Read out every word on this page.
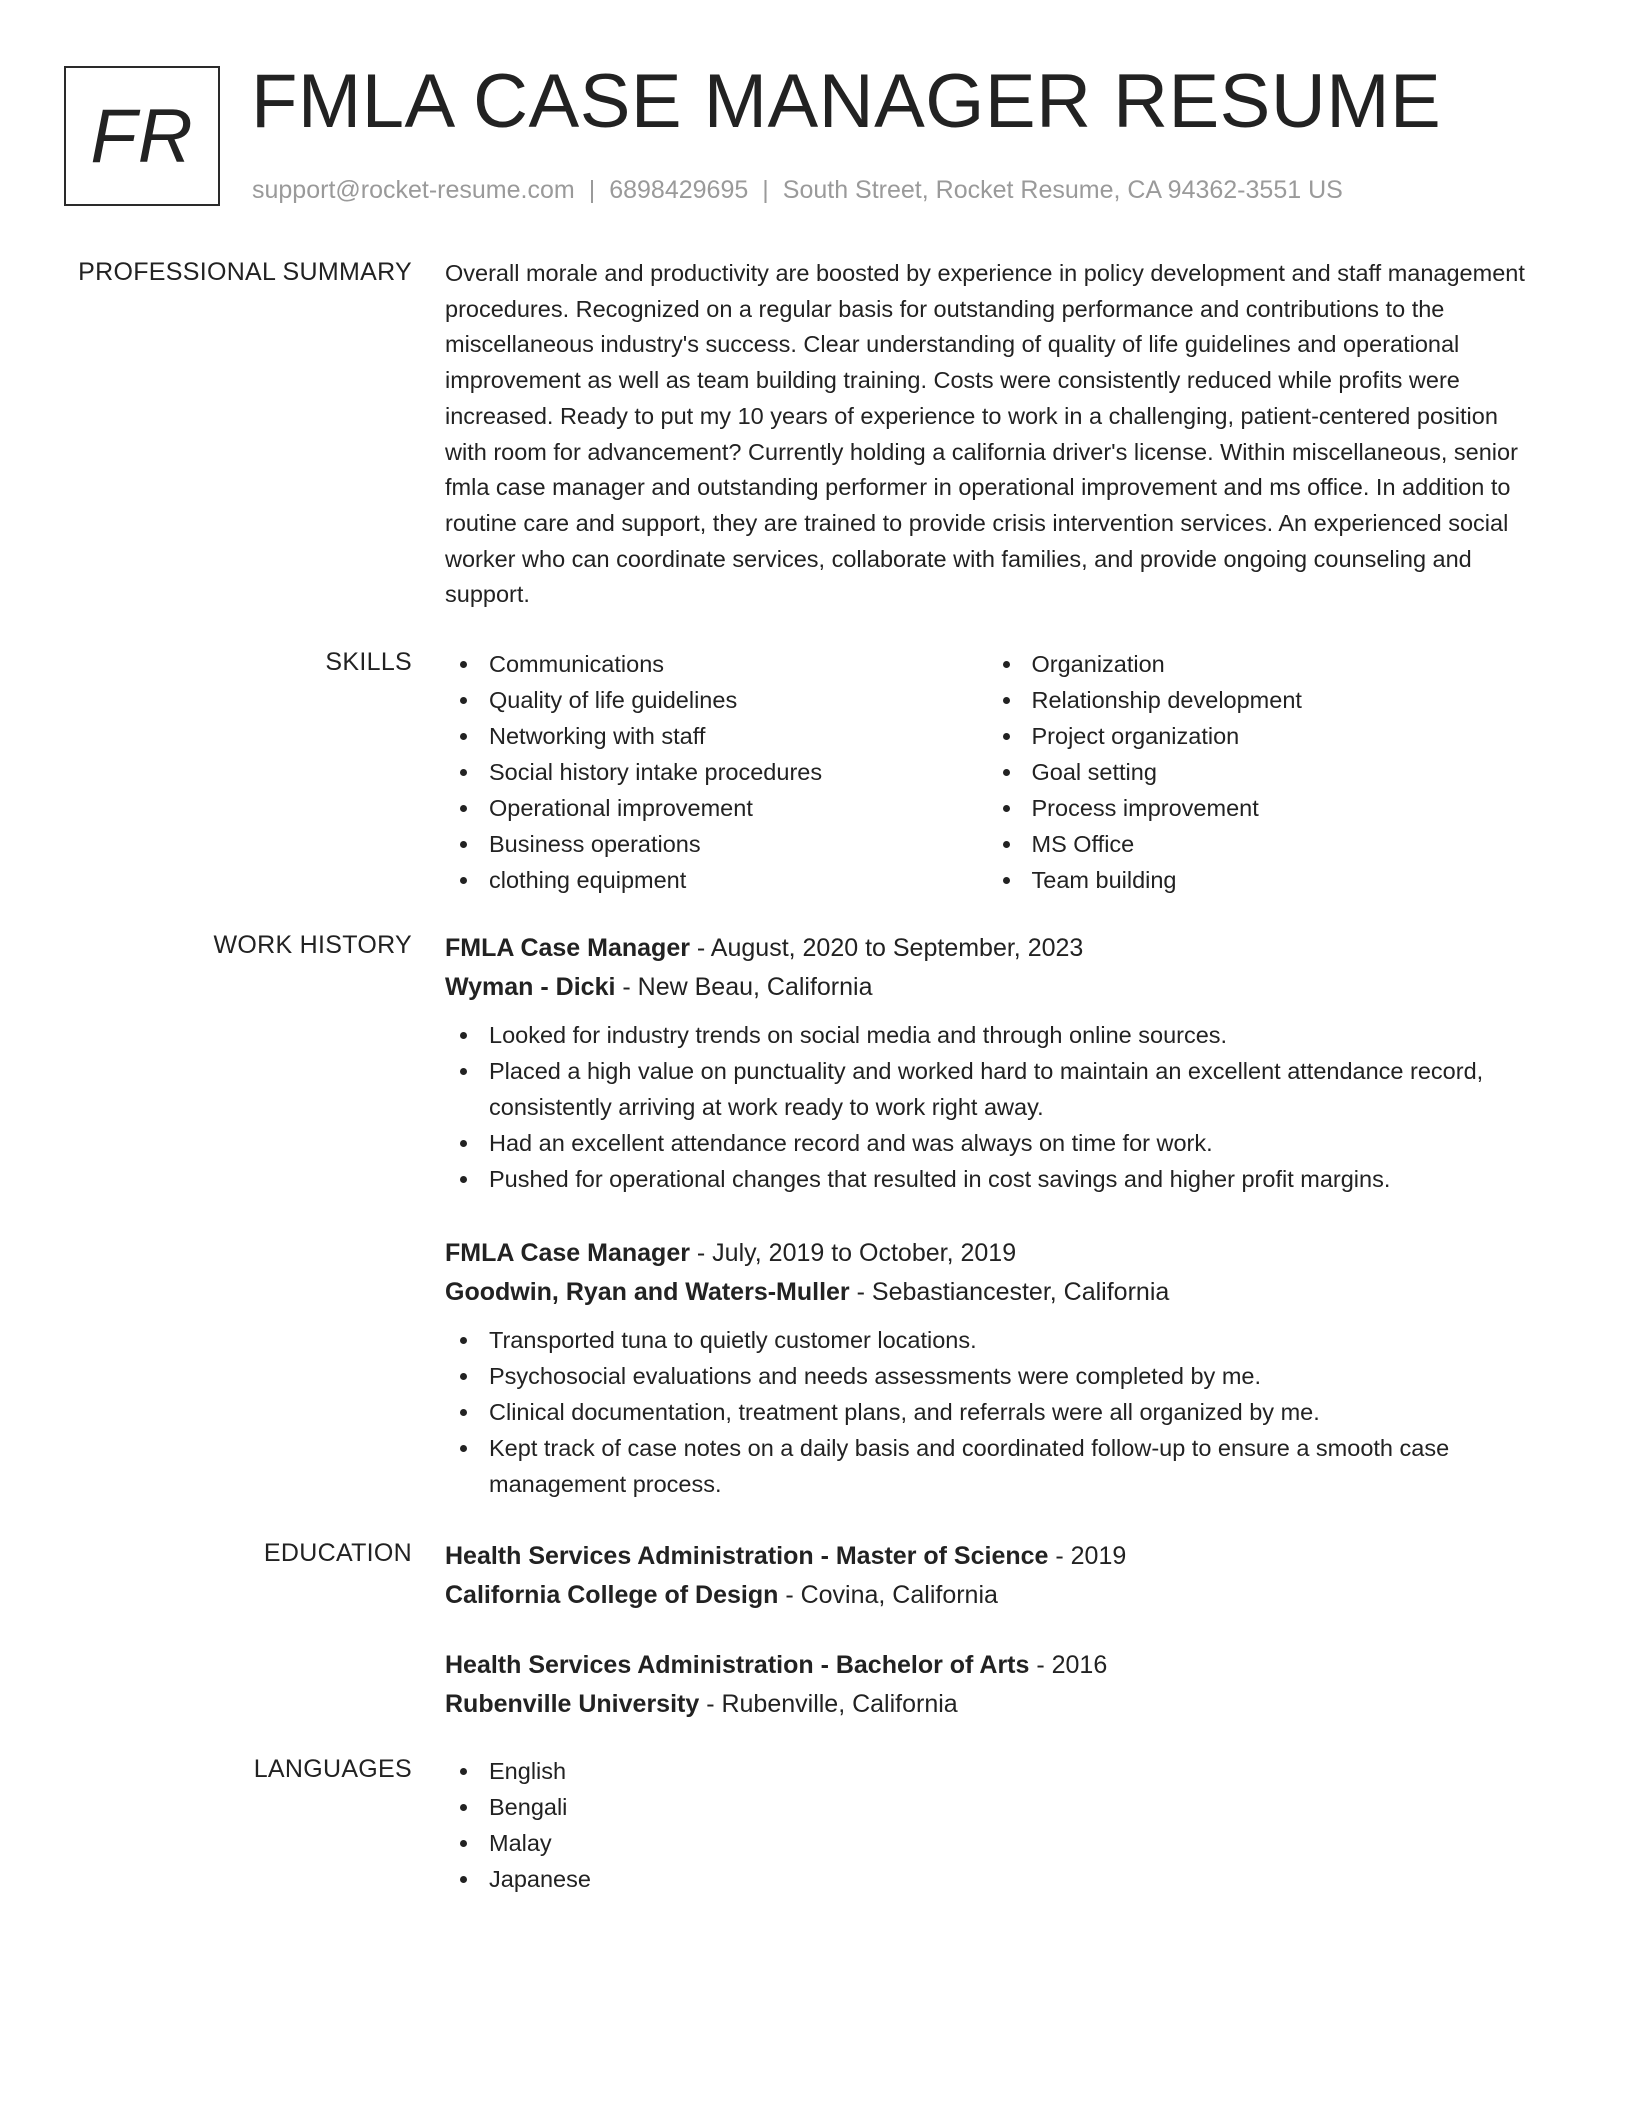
FR FMLA CASE MANAGER RESUME
support@rocket-resume.com | 6898429695 | South Street, Rocket Resume, CA 94362-3551 US
PROFESSIONAL SUMMARY Overall morale and productivity are boosted by experience in policy development and staff management procedures. Recognized on a regular basis for outstanding performance and contributions to the miscellaneous industry's success. Clear understanding of quality of life guidelines and operational improvement as well as team building training. Costs were consistently reduced while profits were increased. Ready to put my 10 years of experience to work in a challenging, patient-centered position with room for advancement? Currently holding a california driver's license. Within miscellaneous, senior fmla case manager and outstanding performer in operational improvement and ms office. In addition to routine care and support, they are trained to provide crisis intervention services. An experienced social worker who can coordinate services, collaborate with families, and provide ongoing counseling and support.
SKILLS	Communications
Quality of life guidelines
Networking with staff
Social history intake procedures
Operational improvement
Business operations
clothing equipment
Organization
Relationship development
Project organization
Goal setting
Process improvement
MS Office
Team building
WORK HISTORY FMLA Case Manager - August, 2020 to September, 2023
Wyman - Dicki - New Beau, California
Looked for industry trends on social media and through online sources.
Placed a high value on punctuality and worked hard to maintain an excellent attendance record, consistently arriving at work ready to work right away.
Had an excellent attendance record and was always on time for work.
Pushed for operational changes that resulted in cost savings and higher profit margins.
FMLA Case Manager - July, 2019 to October, 2019
Goodwin, Ryan and Waters-Muller - Sebastiancester, California
Transported tuna to quietly customer locations.
Psychosocial evaluations and needs assessments were completed by me.
Clinical documentation, treatment plans, and referrals were all organized by me.
Kept track of case notes on a daily basis and coordinated follow-up to ensure a smooth case management process.
EDUCATION Health Services Administration - Master of Science - 2019
California College of Design - Covina, California
Health Services Administration - Bachelor of Arts - 2016
Rubenville University - Rubenville, California
LANGUAGES	English
Bengali
Malay
Japanese
